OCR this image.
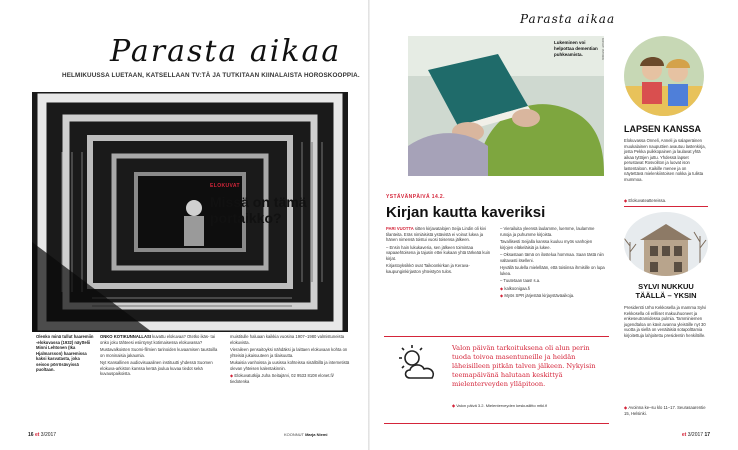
Parasta aikaa
HELMIKUUSSA LUETAAN, KATSELLAAN TV:TÄ JA TUTKITAAN KIINALAISTA HOROSKOOPPIA.
ELOKUVAT
Missä on tämä portaikko?
Olenko minä tullut haaremiin -elokuvassa (1932) näyttelii Minni Lehtonen (Ika Hjalmarsson) haaremissa kaksi kasvatasta, joka seisoo pörrösävyissä puoltaan.

ONKO KOTIKUNNALLASI kuvattu elokuvaa? Otetko ikäs- tai onko joku tähteesi esiintynyt kotimaisessa elokuvassa?

Mustavalkoisten Suomi-filmien tarinoiden kuvaamisen taustoilla on moninaisia jakaumia.

Nyt Kansallinen audiovisuaalinen instituutti yhdessä Suomen elokuva-arkiston kanssa kerää joulua kuvaa tiedot sekä kuvauspaikoista.

muistitulle haluaan kaikkia vuosina 1907–1980 valmistuneista elokuvista.

Vieraileen pensaitoyksi nähdäksi ja laittaen elokuvaan kohta on yhteisiä jukaisuuteen ja tilaisuutta.

Mukaisia vanhoissa ja uusissa kohteissa sisällöillä ja internetistä olevan yhteisen kalentakinnin.

◆ Elokuvatutkija Juha Seitajärvi, 02 9533 8108 elonet.fi/ tiedotenka

16 et 3/2017	KOONNUT Marja Niemi
Parasta aikaa
Lukeminen voi helpottaa dementian puhkeamista.	KUVAT: ISTOCK
YSTÄVÄNPÄIVÄ 14.2.
Kirjan kautta kaveriksi

PARI VUOTTA sitten kirjavatalojen Seija Lindin oli kivi tilanteita. Eräs nimiäisistä ystävistä ei voinut lukea ja hänen nimensä toistui vuosi toisensa jälkeen.

– Ensin hain lukukaveria, sen jälkeen toimintaa vapaaehtoisena ja tajusin ettei kukaan yhtä tärkeää kuin kirjat.

Kirjastoyksikkö ovat Taikoonkirkan ja Kerava-kaupunginkirjaston yhteistyön tulos.

– Vierailuita yleensä laulamme, luemme, laulamme runoja ja puhumme kirjoista.

Tavallisesti Seijalla kanssa kuuluu myös vanhojen kirjojen eläkeläisiä ja lukee.

– Oksastaan tämä on ilostelua hommaa. Saan tästä niin valtavasti itselleni.

Hyvällä tuulella mielellään, että toisiinsa ihmisille on lupa lukea.

– Tuutetaan taas! s.a.

◆ kalkoonigaa.fi

◆ Myös SPR järjestää kirjaystäväaikoja.

Valon päivän tarkoituksena oli alun perin tuoda toivoa masentuneille ja heidän läheisilleen pitkän talven jälkeen. Nykyisin teemapäivänä halutaan keskittyä mielenterveyden ylläpitoon.
◆ Valon päivä 3.2. Mielenterveyden keskusliitto mtkl.fi
et 3/2017 17
LAPSEN KANSSA
Elokuvassa Onneli, Anneli ja salaperäinen muukalainen nauputtien avautuu lastenkirja, josta Pekka puikkopainen ja laulavat yhtä aikaa tyttöjen juttu. Yhdessä lapset perustavat Rosvoliton ja luovat ison lastentaloon. Kaikille menee ja on näytettävä mielenkiintoisen nokka ja tulista mummoa.
◆ Elokuvateattereissa.
SYLVI NUKKUU TÄÄLLÄ – YKSIN
Presidentti Urho Kekkosella ja mamma Sylvi Kekkosella oli erilliset makuuhuoneet ja enkeseutramidessa pulmia. Tamminiemen jugendtaloa on kävit avanna yleisöille nyt 30 vuotta ja siellä on venäläisiä sotapolttamia kirjoitettuja lahjoitettu presidentin henkilöille.
◆ Avoinna ke–su klo 11–17. Seurasaarentie 15, Helsinki.
